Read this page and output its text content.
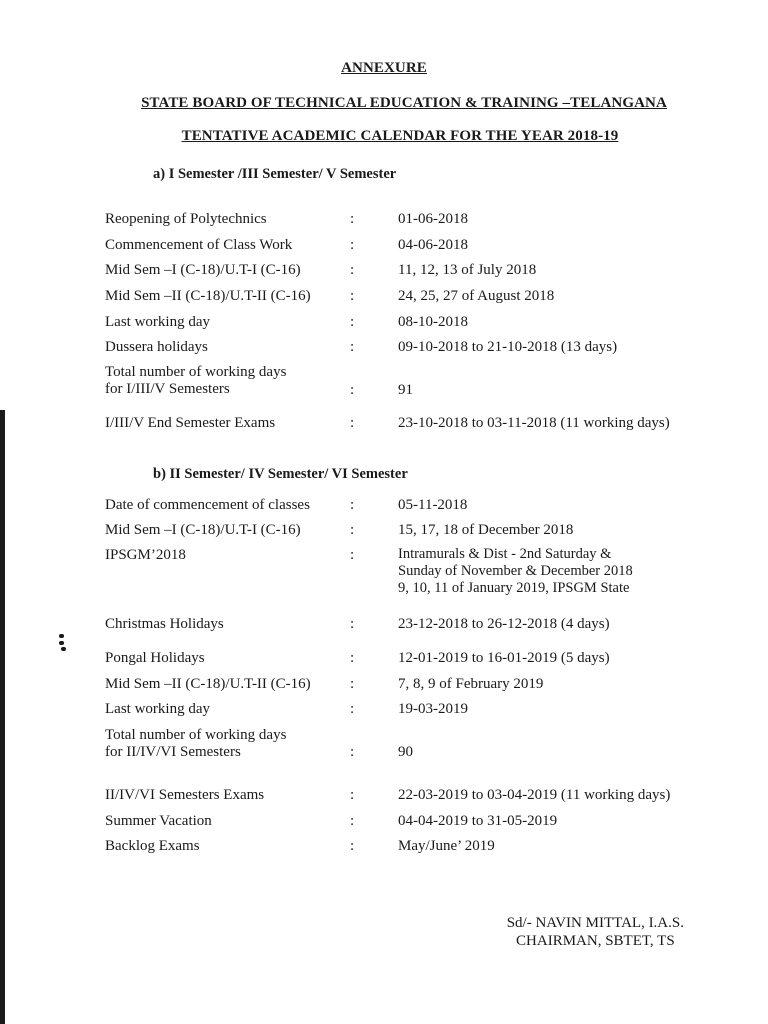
ANNEXURE
STATE BOARD OF TECHNICAL EDUCATION & TRAINING –TELANGANA
TENTATIVE ACADEMIC CALENDAR FOR THE YEAR 2018-19
a) I Semester /III Semester/ V Semester
Reopening of Polytechnics	:	01-06-2018
Commencement of Class Work	:	04-06-2018
Mid Sem –I (C-18)/U.T-I (C-16)	:	11, 12, 13 of July 2018
Mid Sem –II (C-18)/U.T-II (C-16)	:	24, 25, 27 of August 2018
Last working day	:	08-10-2018
Dussera holidays	:	09-10-2018 to 21-10-2018 (13 days)
Total number of working days
for I/III/V Semesters	:	91
I/III/V End Semester Exams	:	23-10-2018 to 03-11-2018 (11 working days)
b) II Semester/ IV Semester/ VI Semester
Date of commencement of classes	:	05-11-2018
Mid Sem –I (C-18)/U.T-I (C-16)	:	15, 17, 18 of December 2018
IPSGM’2018	:	Intramurals & Dist - 2nd Saturday &
Sunday of November & December 2018
9, 10, 11 of January 2019, IPSGM State
Christmas Holidays	:	23-12-2018 to 26-12-2018 (4 days)
Pongal Holidays	:	12-01-2019 to 16-01-2019 (5 days)
Mid Sem –II (C-18)/U.T-II (C-16)	:	7, 8, 9 of February 2019
Last working day	:	19-03-2019
Total number of working days
for II/IV/VI Semesters	:	90
II/IV/VI Semesters Exams	:	22-03-2019 to 03-04-2019 (11 working days)
Summer Vacation	:	04-04-2019 to 31-05-2019
Backlog Exams	:	May/June’ 2019
Sd/- NAVIN MITTAL, I.A.S.
CHAIRMAN, SBTET, TS
